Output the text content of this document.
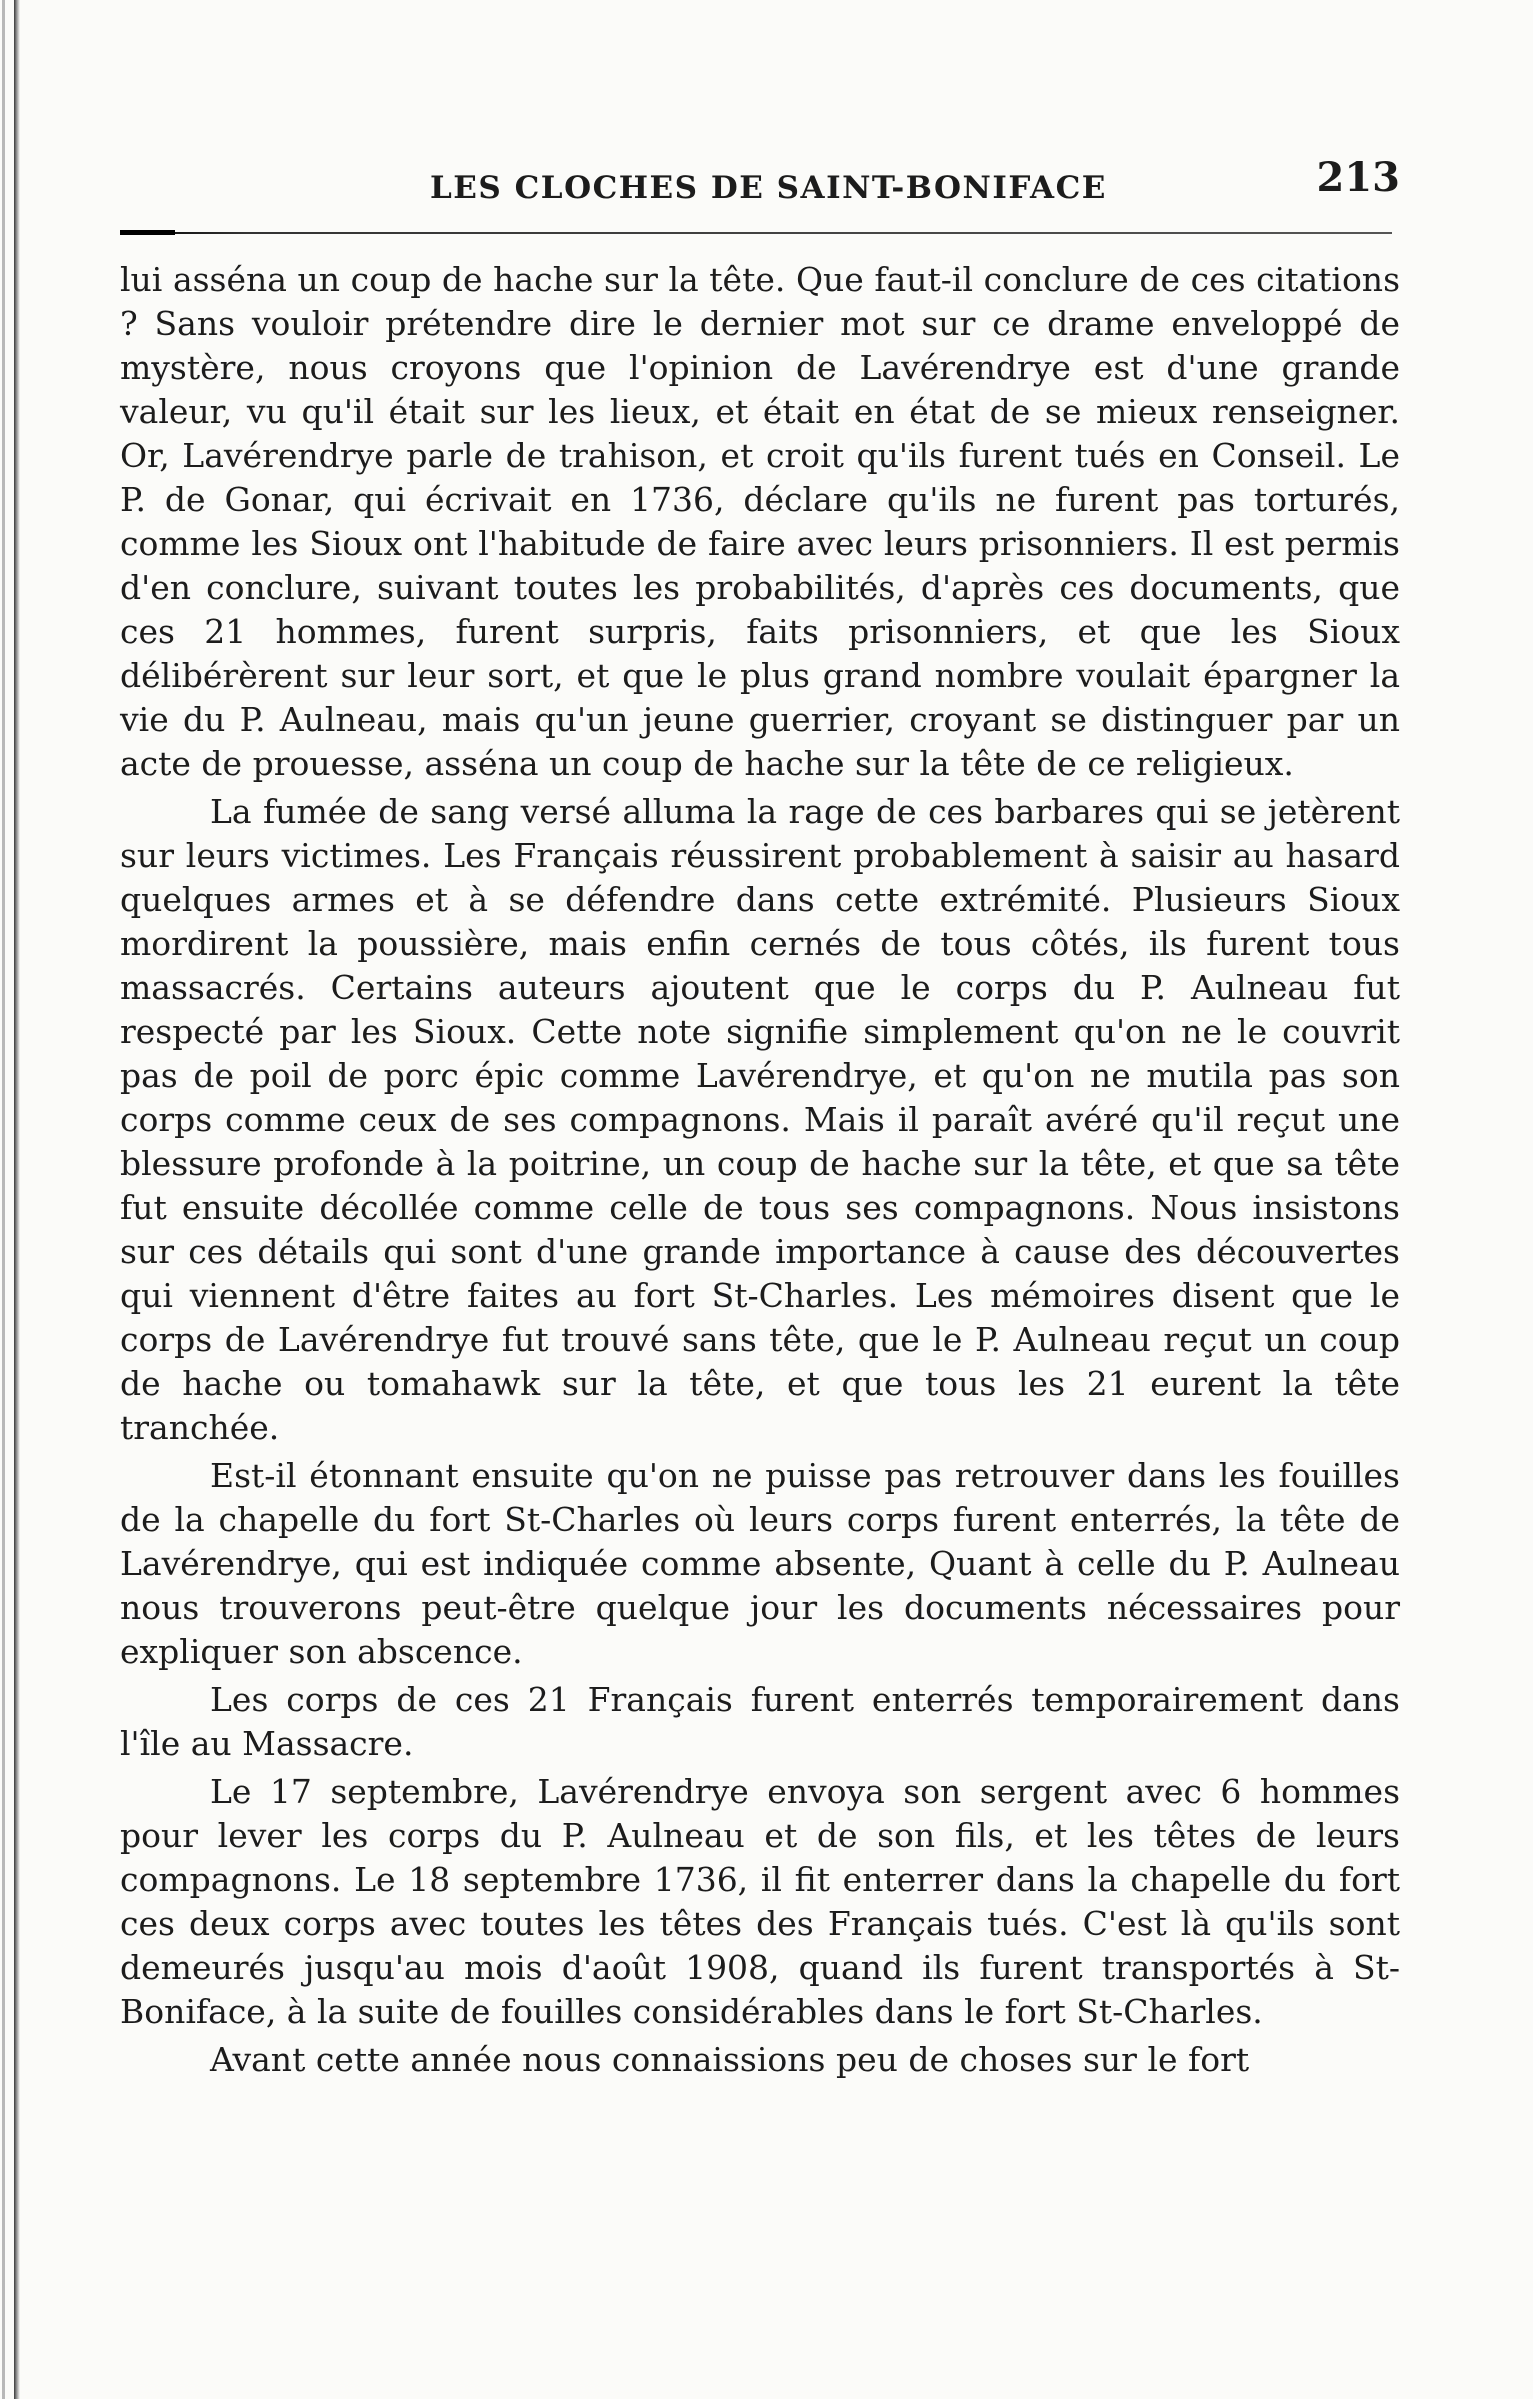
LES CLOCHES DE SAINT-BONIFACE	213

lui asséna un coup de hache sur la tête. Que faut-il conclure de ces citations ? Sans vouloir prétendre dire le dernier mot sur ce drame enveloppé de mystère, nous croyons que l'opinion de Lavérendrye est d'une grande valeur, vu qu'il était sur les lieux, et était en état de se mieux renseigner. Or, Lavérendrye parle de trahison, et croit qu'ils furent tués en Conseil. Le P. de Gonar, qui écrivait en 1736, déclare qu'ils ne furent pas torturés, comme les Sioux ont l'habitude de faire avec leurs prisonniers. Il est permis d'en conclure, suivant toutes les probabilités, d'après ces documents, que ces 21 hommes, furent surpris, faits prisonniers, et que les Sioux délibérèrent sur leur sort, et que le plus grand nombre voulait épargner la vie du P. Aulneau, mais qu'un jeune guerrier, croyant se distinguer par un acte de prouesse, asséna un coup de hache sur la tête de ce religieux.

La fumée de sang versé alluma la rage de ces barbares qui se jetèrent sur leurs victimes. Les Français réussirent probablement à saisir au hasard quelques armes et à se défendre dans cette extrémité. Plusieurs Sioux mordirent la poussière, mais enfin cernés de tous côtés, ils furent tous massacrés. Certains auteurs ajoutent que le corps du P. Aulneau fut respecté par les Sioux. Cette note signifie simplement qu'on ne le couvrit pas de poil de porc épic comme Lavérendrye, et qu'on ne mutila pas son corps comme ceux de ses compagnons. Mais il paraît avéré qu'il reçut une blessure profonde à la poitrine, un coup de hache sur la tête, et que sa tête fut ensuite décollée comme celle de tous ses compagnons. Nous insistons sur ces détails qui sont d'une grande importance à cause des découvertes qui viennent d'être faites au fort St-Charles. Les mémoires disent que le corps de Lavérendrye fut trouvé sans tête, que le P. Aulneau reçut un coup de hache ou tomahawk sur la tête, et que tous les 21 eurent la tête tranchée.

Est-il étonnant ensuite qu'on ne puisse pas retrouver dans les fouilles de la chapelle du fort St-Charles où leurs corps furent enterrés, la tête de Lavérendrye, qui est indiquée comme absente, Quant à celle du P. Aulneau nous trouverons peut-être quelque jour les documents nécessaires pour expliquer son abscence.

Les corps de ces 21 Français furent enterrés temporairement dans l'île au Massacre.

Le 17 septembre, Lavérendrye envoya son sergent avec 6 hommes pour lever les corps du P. Aulneau et de son fils, et les têtes de leurs compagnons. Le 18 septembre 1736, il fit enterrer dans la chapelle du fort ces deux corps avec toutes les têtes des Français tués. C'est là qu'ils sont demeurés jusqu'au mois d'août 1908, quand ils furent transportés à St-Boniface, à la suite de fouilles considérables dans le fort St-Charles.

Avant cette année nous connaissions peu de choses sur le fort
